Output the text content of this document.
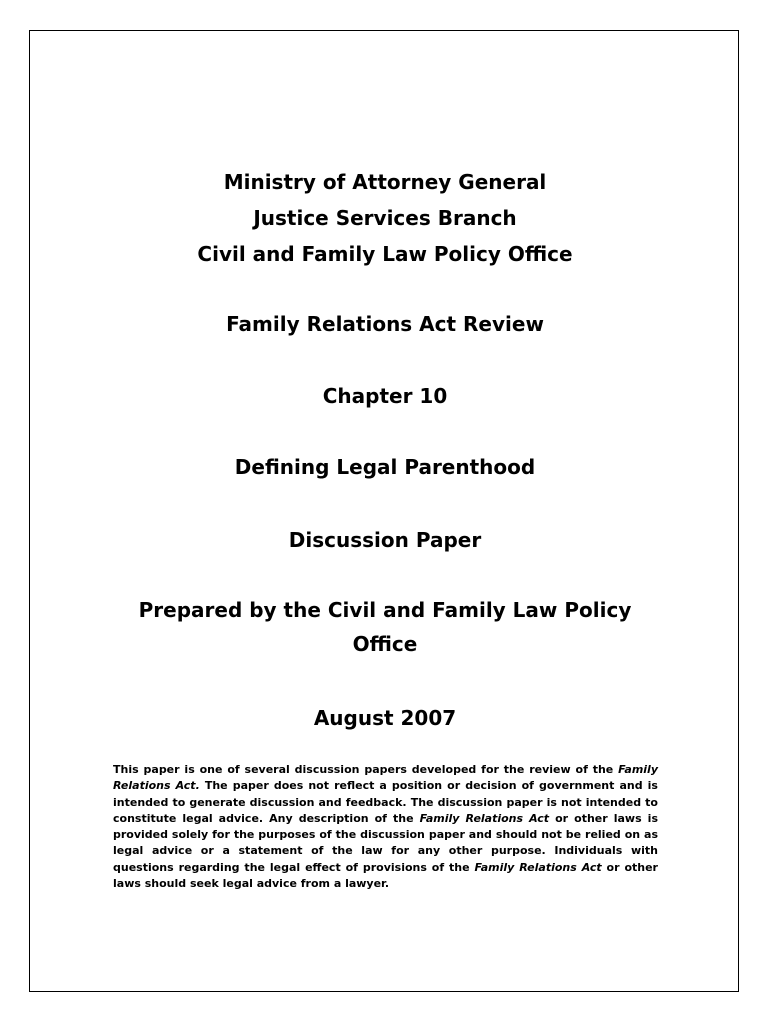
Ministry of Attorney General
Justice Services Branch
Civil and Family Law Policy Office
Family Relations Act Review
Chapter 10
Defining Legal Parenthood
Discussion Paper
Prepared by the Civil and Family Law Policy Office
August 2007
This paper is one of several discussion papers developed for the review of the Family Relations Act. The paper does not reflect a position or decision of government and is intended to generate discussion and feedback. The discussion paper is not intended to constitute legal advice. Any description of the Family Relations Act or other laws is provided solely for the purposes of the discussion paper and should not be relied on as legal advice or a statement of the law for any other purpose. Individuals with questions regarding the legal effect of provisions of the Family Relations Act or other laws should seek legal advice from a lawyer.
